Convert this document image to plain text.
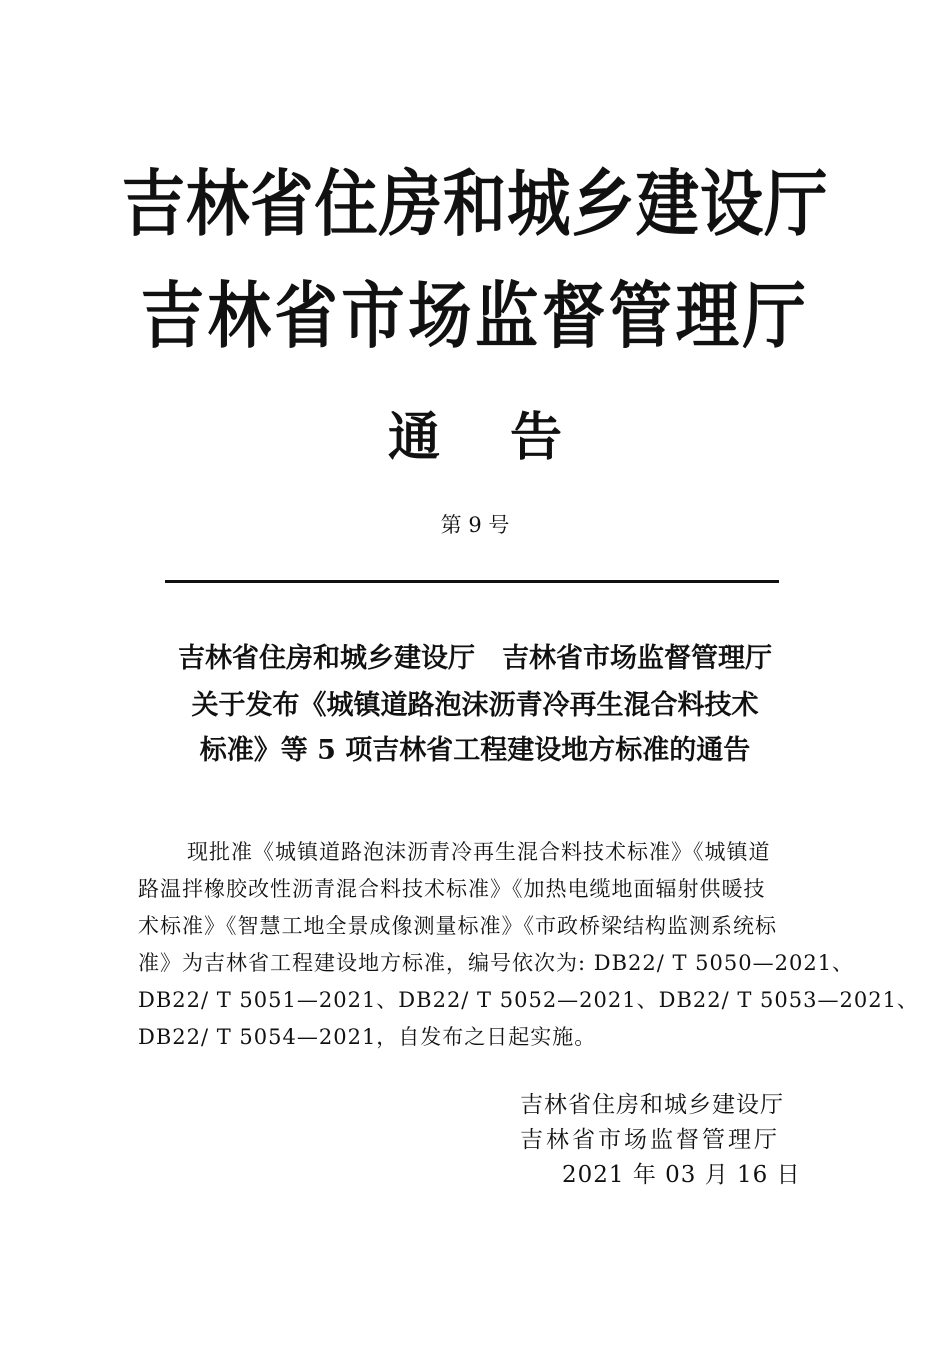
吉林省住房和城乡建设厅
吉林省市场监督管理厅
通告
第 9 号
吉林省住房和城乡建设厅　吉林省市场监督管理厅
关于发布《城镇道路泡沫沥青冷再生混合料技术
标准》等 5 项吉林省工程建设地方标准的通告
现批准《城镇道路泡沫沥青冷再生混合料技术标准》《城镇道
路温拌橡胶改性沥青混合料技术标准》《加热电缆地面辐射供暖技
术标准》《智慧工地全景成像测量标准》《市政桥梁结构监测系统标
准》为吉林省工程建设地方标准，编号依次为: DB22/ T 5050—2021、
DB22/ T 5051—2021、DB22/ T 5052—2021、DB22/ T 5053—2021、
DB22/ T 5054—2021，自发布之日起实施。
吉林省住房和城乡建设厅
吉林省市场监督管理厅
2021 年 03 月 16 日
